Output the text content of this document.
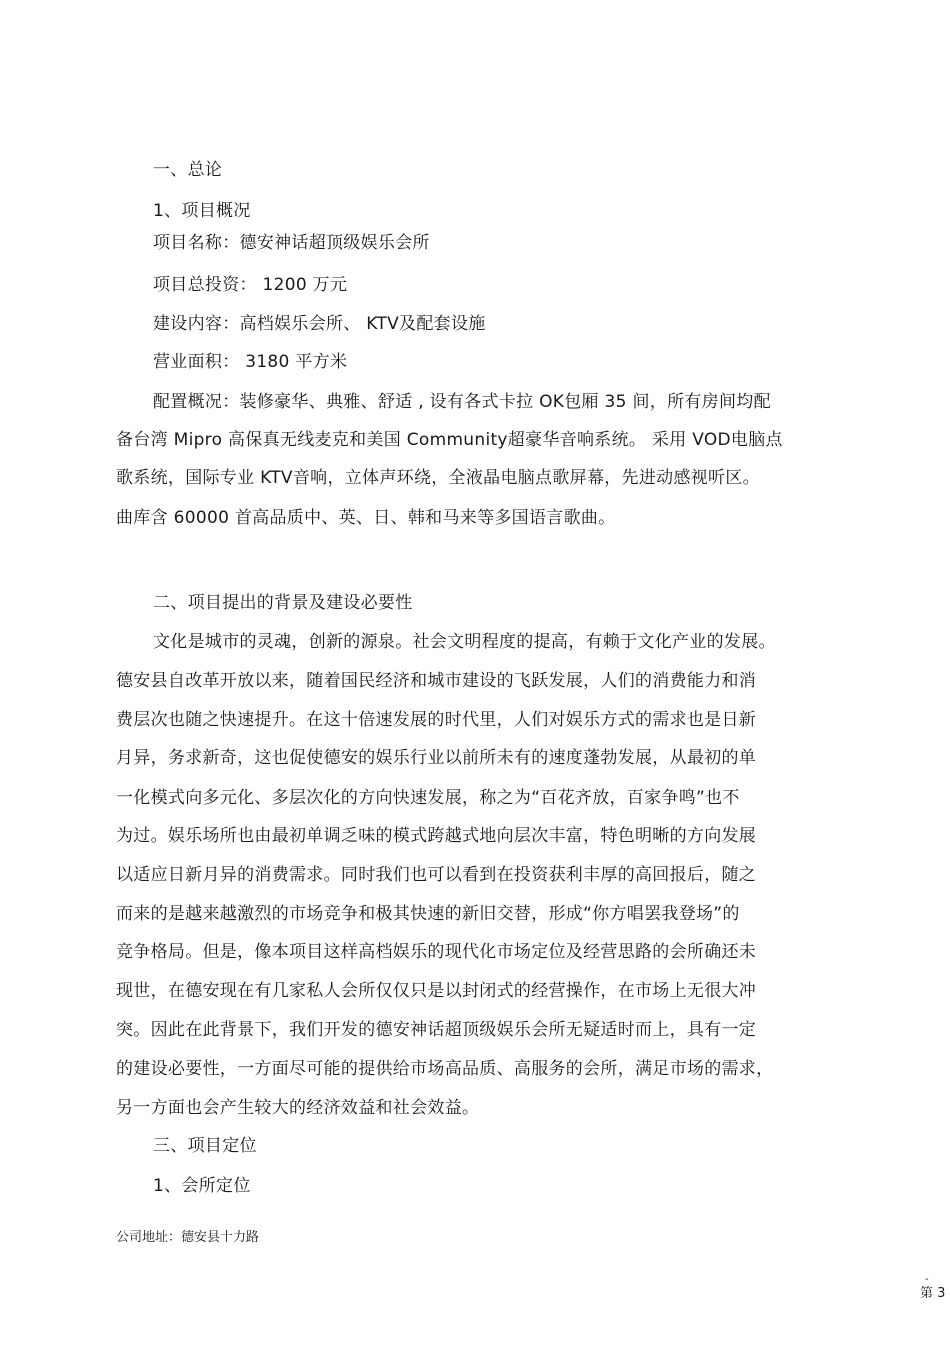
一、总论
1、项目概况
项目名称：德安神话超顶级娱乐会所
项目总投资： 1200 万元
建设内容：高档娱乐会所、 KTV及配套设施
营业面积： 3180 平方米
配置概况：装修豪华、典雅、舒适 , 设有各式卡拉 OK包厢 35 间，所有房间均配
备台湾 Mipro 高保真无线麦克和美国 Community超豪华音响系统。 采用 VOD电脑点
歌系统，国际专业 KTV音响，立体声环绕，全液晶电脑点歌屏幕，先进动感视听区。
曲库含 60000 首高品质中、英、日、韩和马来等多国语言歌曲。
二、项目提出的背景及建设必要性
文化是城市的灵魂，创新的源泉。社会文明程度的提高，有赖于文化产业的发展。
德安县自改革开放以来，随着国民经济和城市建设的飞跃发展，人们的消费能力和消
费层次也随之快速提升。在这十倍速发展的时代里，人们对娱乐方式的需求也是日新
月异，务求新奇，这也促使德安的娱乐行业以前所未有的速度蓬勃发展，从最初的单
一化模式向多元化、多层次化的方向快速发展，称之为“百花齐放，百家争鸣”也不
为过。娱乐场所也由最初单调乏味的模式跨越式地向层次丰富，特色明晰的方向发展
以适应日新月异的消费需求。同时我们也可以看到在投资获利丰厚的高回报后，随之
而来的是越来越激烈的市场竞争和极其快速的新旧交替，形成“你方唱罢我登场”的
竞争格局。但是，像本项目这样高档娱乐的现代化市场定位及经营思路的会所确还未
现世，在德安现在有几家私人会所仅仅只是以封闭式的经营操作，在市场上无很大冲
突。因此在此背景下，我们开发的德安神话超顶级娱乐会所无疑适时而上，具有一定
的建设必要性，一方面尽可能的提供给市场高品质、高服务的会所，满足市场的需求，
另一方面也会产生较大的经济效益和社会效益。
三、项目定位
1、会所定位
公司地址：德安县十力路
-
第 3
